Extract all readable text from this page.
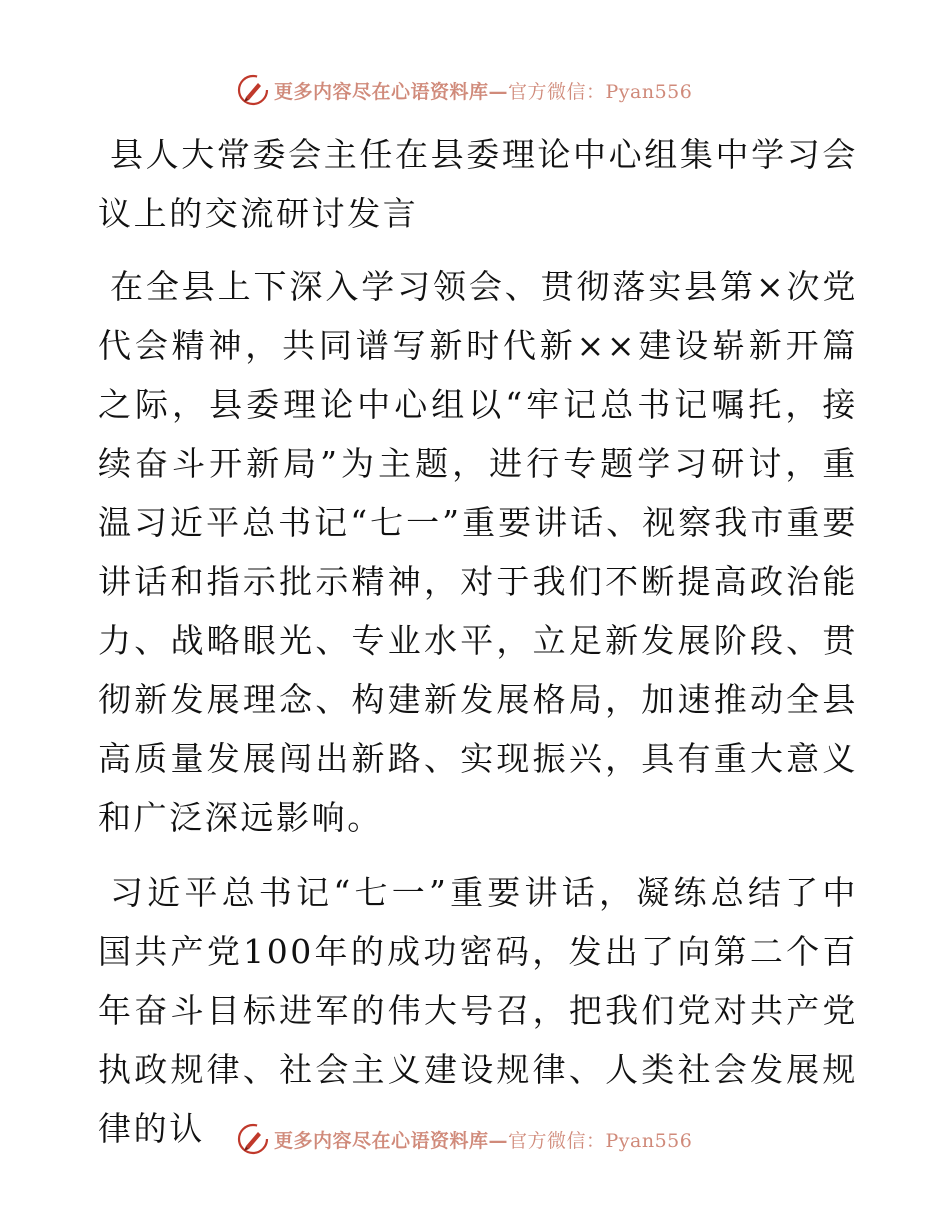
更多内容尽在心语资料库—官方微信：Pyan556

县人大常委会主任在县委理论中心组集中学习会议上的交流研讨发言

在全县上下深入学习领会、贯彻落实县第×次党代会精神，共同谱写新时代新××建设崭新开篇之际，县委理论中心组以“牢记总书记嘱托，接续奋斗开新局”为主题，进行专题学习研讨，重温习近平总书记“七一”重要讲话、视察我市重要讲话和指示批示精神，对于我们不断提高政治能力、战略眼光、专业水平，立足新发展阶段、贯彻新发展理念、构建新发展格局，加速推动全县高质量发展闯出新路、实现振兴，具有重大意义和广泛深远影响。

习近平总书记“七一”重要讲话，凝练总结了中国共产党100年的成功密码，发出了向第二个百年奋斗目标进军的伟大号召，把我们党对共产党执政规律、社会主义建设规律、人类社会发展规律的认	更多内容尽在心语资料库—官方微信：Pyan556
